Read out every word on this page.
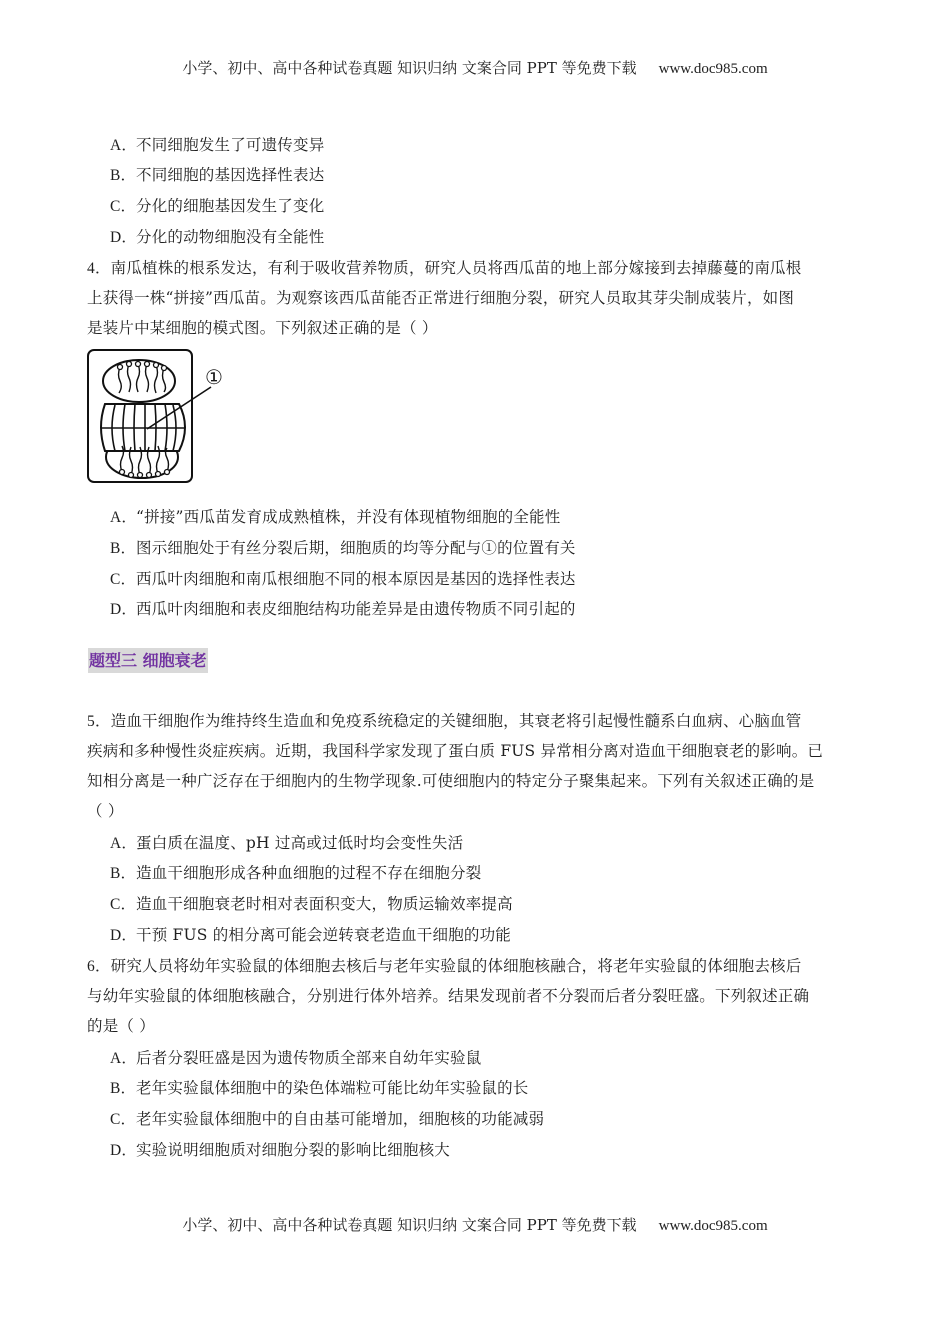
小学、初中、高中各种试卷真题 知识归纳 文案合同 PPT 等免费下载 www.doc985.com
A．不同细胞发生了可遗传变异
B．不同细胞的基因选择性表达
C．分化的细胞基因发生了变化
D．分化的动物细胞没有全能性
4．南瓜植株的根系发达，有利于吸收营养物质，研究人员将西瓜苗的地上部分嫁接到去掉藤蔓的南瓜根
上获得一株“拼接”西瓜苗。为观察该西瓜苗能否正常进行细胞分裂，研究人员取其芽尖制成装片，如图
是装片中某细胞的模式图。下列叙述正确的是（ ）
①
A．“拼接”西瓜苗发育成成熟植株，并没有体现植物细胞的全能性
B．图示细胞处于有丝分裂后期，细胞质的均等分配与①的位置有关
C．西瓜叶肉细胞和南瓜根细胞不同的根本原因是基因的选择性表达
D．西瓜叶肉细胞和表皮细胞结构功能差异是由遗传物质不同引起的
题型三 细胞衰老
5．造血干细胞作为维持终生造血和免疫系统稳定的关键细胞，其衰老将引起慢性髓系白血病、心脑血管
疾病和多种慢性炎症疾病。近期，我国科学家发现了蛋白质 FUS 异常相分离对造血干细胞衰老的影响。已
知相分离是一种广泛存在于细胞内的生物学现象.可使细胞内的特定分子聚集起来。下列有关叙述正确的是
（ ）
A．蛋白质在温度、pH 过高或过低时均会变性失活
B．造血干细胞形成各种血细胞的过程不存在细胞分裂
C．造血干细胞衰老时相对表面积变大，物质运输效率提高
D．干预 FUS 的相分离可能会逆转衰老造血干细胞的功能
6．研究人员将幼年实验鼠的体细胞去核后与老年实验鼠的体细胞核融合，将老年实验鼠的体细胞去核后
与幼年实验鼠的体细胞核融合，分别进行体外培养。结果发现前者不分裂而后者分裂旺盛。下列叙述正确
的是（ ）
A．后者分裂旺盛是因为遗传物质全部来自幼年实验鼠
B．老年实验鼠体细胞中的染色体端粒可能比幼年实验鼠的长
C．老年实验鼠体细胞中的自由基可能增加，细胞核的功能减弱
D．实验说明细胞质对细胞分裂的影响比细胞核大
小学、初中、高中各种试卷真题 知识归纳 文案合同 PPT 等免费下载 www.doc985.com
